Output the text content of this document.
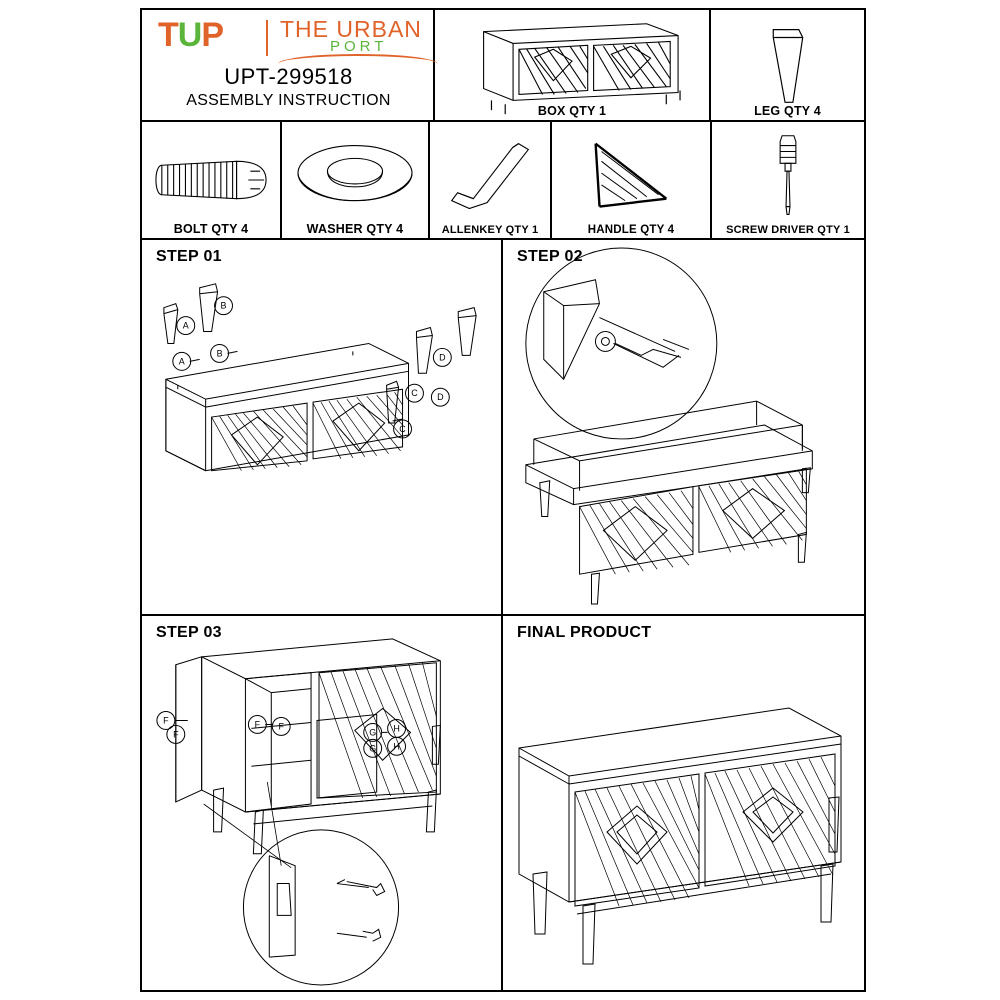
TUP THE URBAN
PORT
UPT-299518
ASSEMBLY INSTRUCTION
BOX QTY 1	LEG QTY 4
BOLT QTY 4	WASHER QTY 4	ALLENKEY QTY 1	HANDLE QTY 4	SCREW DRIVER QTY 1
STEP 01
A
B
A
B
C
D
C
D
STEP 02
STEP 03
F
F
F F
G H
G H
FINAL PRODUCT
